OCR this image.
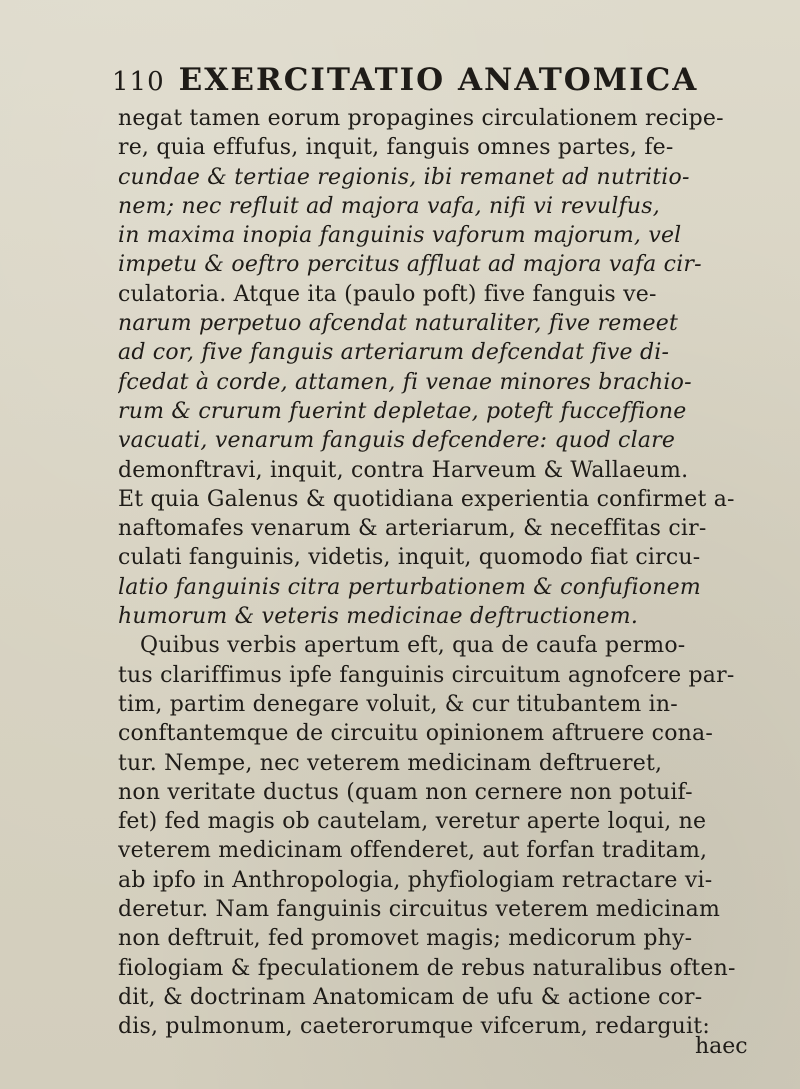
110 EXERCITATIO ANATOMICA
negat tamen eorum propagines circulationem recipe-
re, quia effufus, inquit, fanguis omnes partes, fe-
cundae & tertiae regionis, ibi remanet ad nutritio-
nem; nec refluit ad majora vafa, nifi vi revulfus,
in maxima inopia fanguinis vaforum majorum, vel
impetu & oeftro percitus affluat ad majora vafa cir-
culatoria. Atque ita (paulo poft) five fanguis ve-
narum perpetuo afcendat naturaliter, five remeet
ad cor, five fanguis arteriarum defcendat five di-
fcedat à corde, attamen, fi venae minores brachio-
rum & crurum fuerint depletae, poteft fucceffione
vacuati, venarum fanguis defcendere: quod clare
demonftravi, inquit, contra Harveum & Wallaeum.
Et quia Galenus & quotidiana experientia confirmet a-
naftomafes venarum & arteriarum, & neceffitas cir-
culati fanguinis, videtis, inquit, quomodo fiat circu-
latio fanguinis citra perturbationem & confufionem
humorum & veteris medicinae deftructionem.
Quibus verbis apertum eft, qua de caufa permo-
tus clariffimus ipfe fanguinis circuitum agnofcere par-
tim, partim denegare voluit, & cur titubantem in-
conftantemque de circuitu opinionem aftruere cona-
tur. Nempe, nec veterem medicinam deftrueret,
non veritate ductus (quam non cernere non potuif-
fet) fed magis ob cautelam, veretur aperte loqui, ne
veterem medicinam offenderet, aut forfan traditam,
ab ipfo in Anthropologia, phyfiologiam retractare vi-
deretur. Nam fanguinis circuitus veterem medicinam
non deftruit, fed promovet magis; medicorum phy-
fiologiam & fpeculationem de rebus naturalibus often-
dit, & doctrinam Anatomicam de ufu & actione cor-
dis, pulmonum, caeterorumque vifcerum, redarguit:
haec
